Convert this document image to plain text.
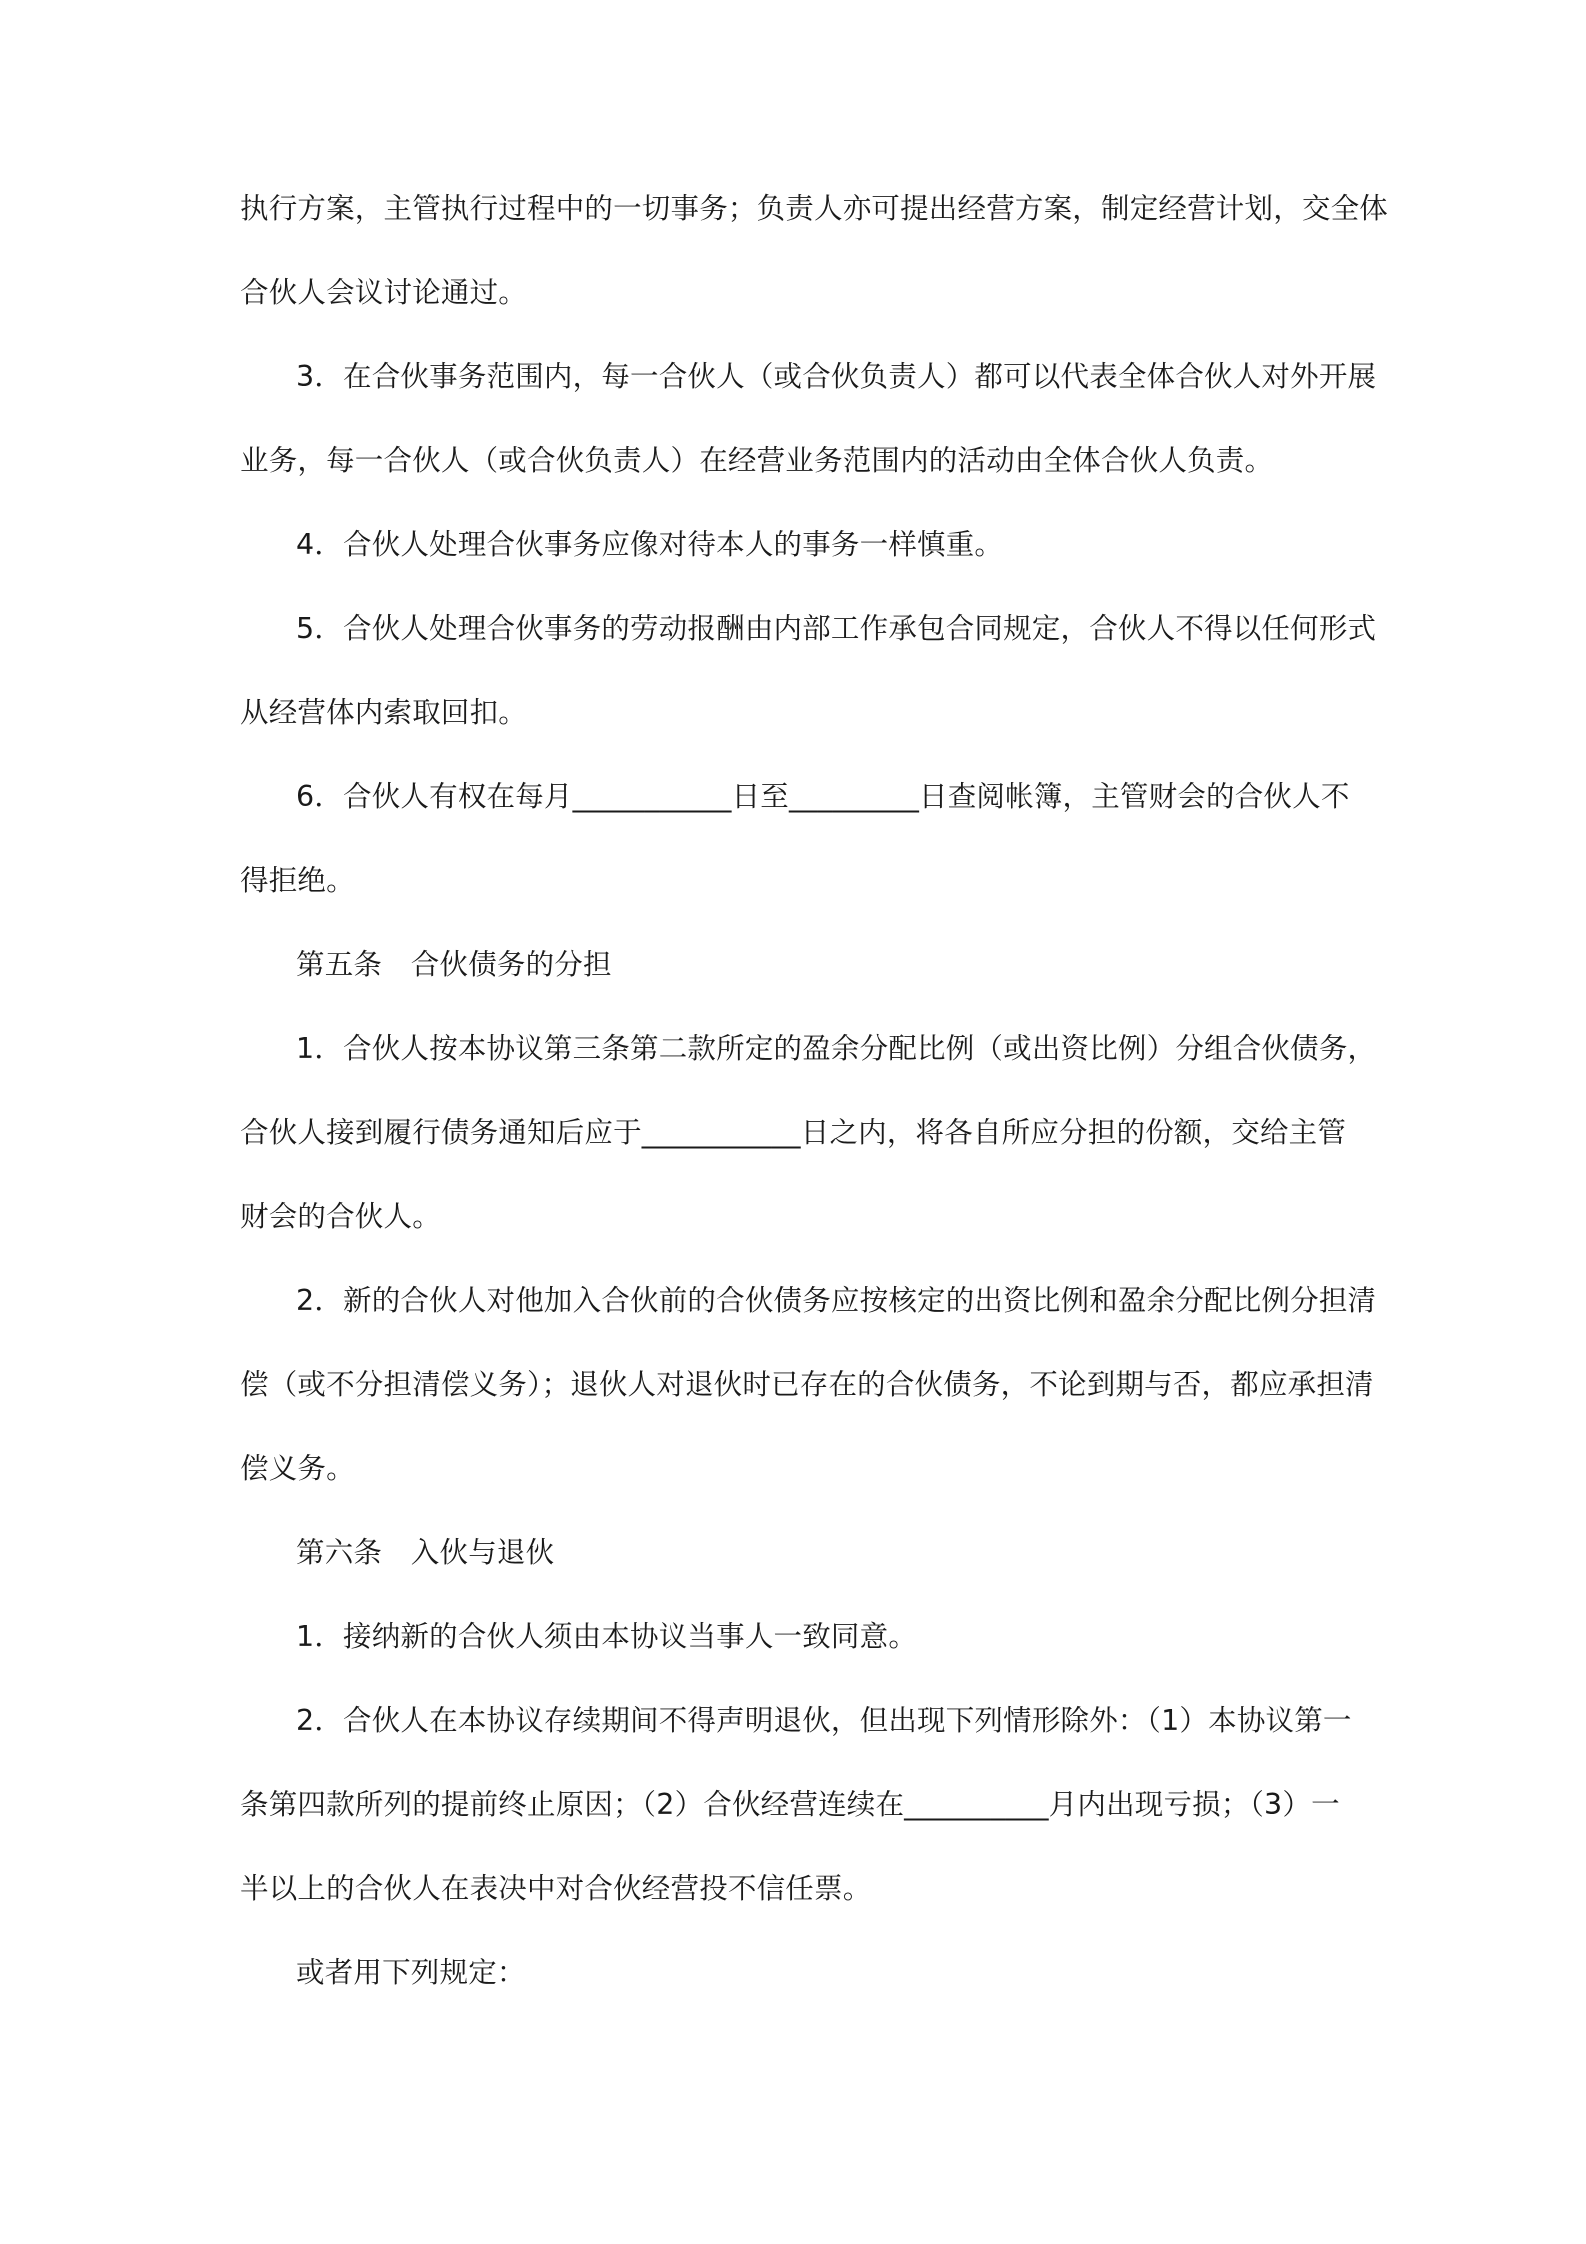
执行方案，主管执行过程中的一切事务；负责人亦可提出经营方案，制定经营计划，交全体

合伙人会议讨论通过。

3．在合伙事务范围内，每一合伙人（或合伙负责人）都可以代表全体合伙人对外开展

业务，每一合伙人（或合伙负责人）在经营业务范围内的活动由全体合伙人负责。

4．合伙人处理合伙事务应像对待本人的事务一样慎重。

5．合伙人处理合伙事务的劳动报酬由内部工作承包合同规定，合伙人不得以任何形式

从经营体内索取回扣。

6．合伙人有权在每月___________日至_________日查阅帐簿，主管财会的合伙人不

得拒绝。

第五条　合伙债务的分担

1．合伙人按本协议第三条第二款所定的盈余分配比例（或出资比例）分组合伙债务，

合伙人接到履行债务通知后应于___________日之内，将各自所应分担的份额，交给主管

财会的合伙人。

2．新的合伙人对他加入合伙前的合伙债务应按核定的出资比例和盈余分配比例分担清

偿（或不分担清偿义务）；退伙人对退伙时已存在的合伙债务，不论到期与否，都应承担清

偿义务。

第六条　入伙与退伙

1．接纳新的合伙人须由本协议当事人一致同意。

2．合伙人在本协议存续期间不得声明退伙，但出现下列情形除外：（1）本协议第一

条第四款所列的提前终止原因；（2）合伙经营连续在__________月内出现亏损；（3）一

半以上的合伙人在表决中对合伙经营投不信任票。

或者用下列规定：
